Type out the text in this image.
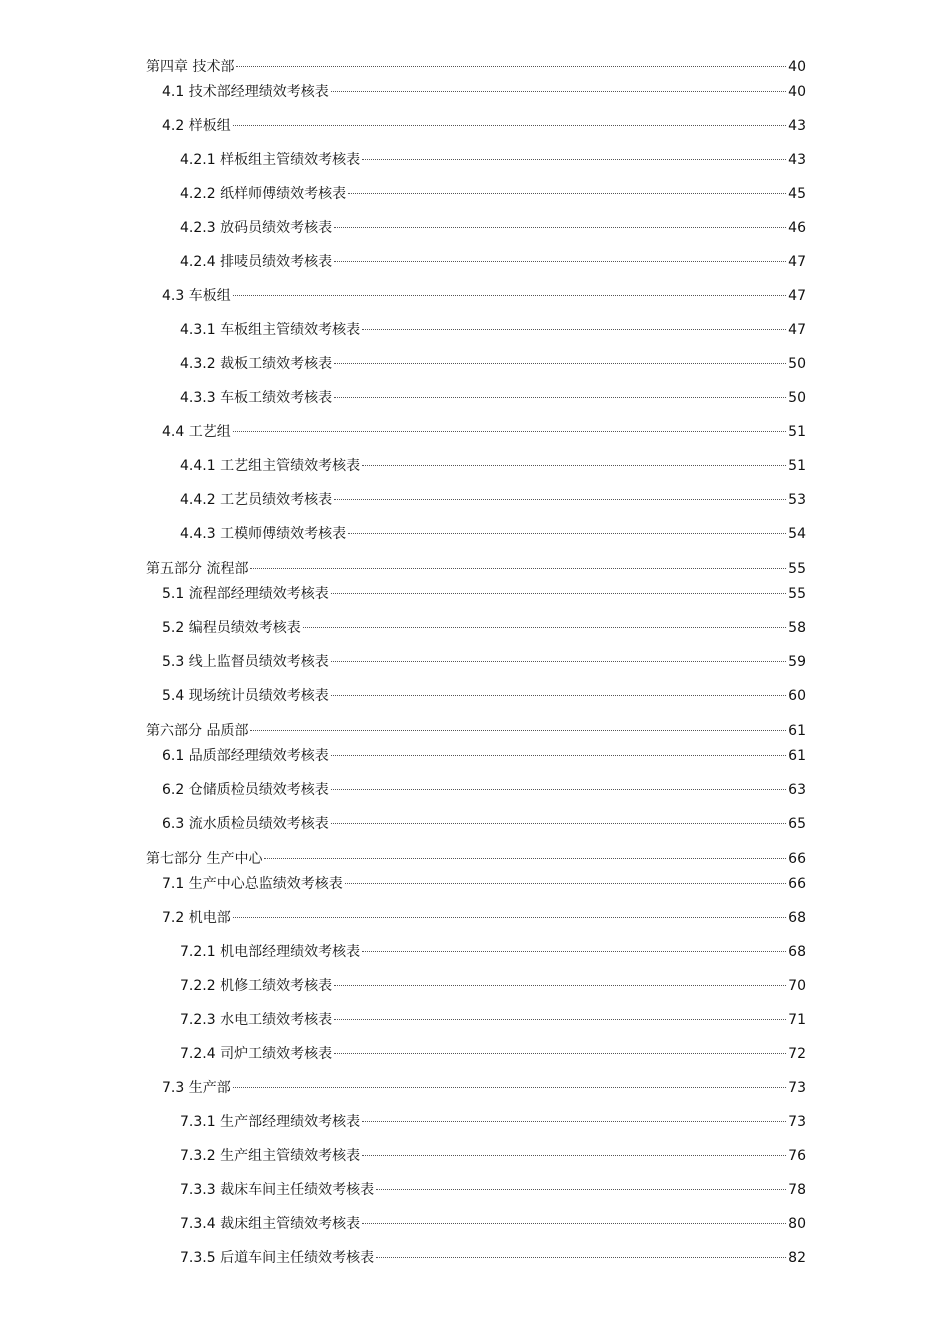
第四章 技术部	40
4.1 技术部经理绩效考核表	40
4.2 样板组	43
4.2.1 样板组主管绩效考核表	43
4.2.2 纸样师傅绩效考核表	45
4.2.3 放码员绩效考核表	46
4.2.4 排唛员绩效考核表	47
4.3 车板组	47
4.3.1 车板组主管绩效考核表	47
4.3.2 裁板工绩效考核表	50
4.3.3 车板工绩效考核表	50
4.4 工艺组	51
4.4.1 工艺组主管绩效考核表	51
4.4.2 工艺员绩效考核表	53
4.4.3 工模师傅绩效考核表	54
第五部分 流程部	55
5.1 流程部经理绩效考核表	55
5.2 编程员绩效考核表	58
5.3 线上监督员绩效考核表	59
5.4 现场统计员绩效考核表	60
第六部分 品质部	61
6.1 品质部经理绩效考核表	61
6.2 仓储质检员绩效考核表	63
6.3 流水质检员绩效考核表	65
第七部分 生产中心	66
7.1 生产中心总监绩效考核表	66
7.2 机电部	68
7.2.1 机电部经理绩效考核表	68
7.2.2 机修工绩效考核表	70
7.2.3 水电工绩效考核表	71
7.2.4 司炉工绩效考核表	72
7.3 生产部	73
7.3.1 生产部经理绩效考核表	73
7.3.2 生产组主管绩效考核表	76
7.3.3 裁床车间主任绩效考核表	78
7.3.4 裁床组主管绩效考核表	80
7.3.5 后道车间主任绩效考核表	82
